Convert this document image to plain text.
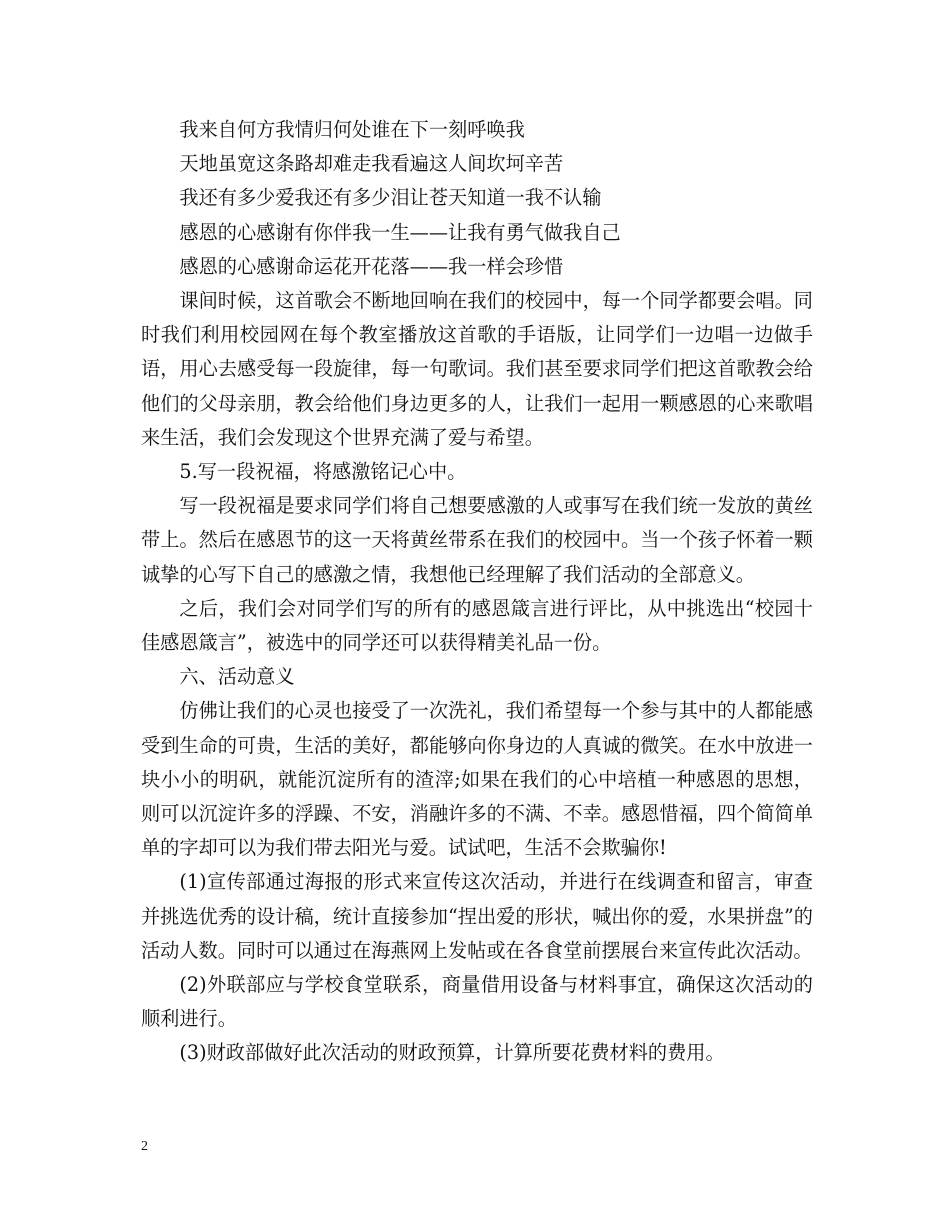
我来自何方我情归何处谁在下一刻呼唤我

天地虽宽这条路却难走我看遍这人间坎坷辛苦

我还有多少爱我还有多少泪让苍天知道一我不认输

感恩的心感谢有你伴我一生——让我有勇气做我自己

感恩的心感谢命运花开花落——我一样会珍惜

课间时候，这首歌会不断地回响在我们的校园中，每一个同学都要会唱。同时我们利用校园网在每个教室播放这首歌的手语版，让同学们一边唱一边做手语，用心去感受每一段旋律，每一句歌词。我们甚至要求同学们把这首歌教会给他们的父母亲朋，教会给他们身边更多的人，让我们一起用一颗感恩的心来歌唱来生活，我们会发现这个世界充满了爱与希望。

5.写一段祝福，将感激铭记心中。

写一段祝福是要求同学们将自己想要感激的人或事写在我们统一发放的黄丝带上。然后在感恩节的这一天将黄丝带系在我们的校园中。当一个孩子怀着一颗诚挚的心写下自己的感激之情，我想他已经理解了我们活动的全部意义。

之后，我们会对同学们写的所有的感恩箴言进行评比，从中挑选出“校园十佳感恩箴言”，被选中的同学还可以获得精美礼品一份。

六、活动意义

仿佛让我们的心灵也接受了一次洗礼，我们希望每一个参与其中的人都能感受到生命的可贵，生活的美好，都能够向你身边的人真诚的微笑。在水中放进一块小小的明矾，就能沉淀所有的渣滓;如果在我们的心中培植一种感恩的思想，则可以沉淀许多的浮躁、不安，消融许多的不满、不幸。感恩惜福，四个简简单单的字却可以为我们带去阳光与爱。试试吧，生活不会欺骗你!

(1)宣传部通过海报的形式来宣传这次活动，并进行在线调查和留言，审查并挑选优秀的设计稿，统计直接参加“捏出爱的形状，喊出你的爱，水果拼盘”的活动人数。同时可以通过在海燕网上发帖或在各食堂前摆展台来宣传此次活动。

(2)外联部应与学校食堂联系，商量借用设备与材料事宜，确保这次活动的顺利进行。

(3)财政部做好此次活动的财政预算，计算所要花费材料的费用。

2
